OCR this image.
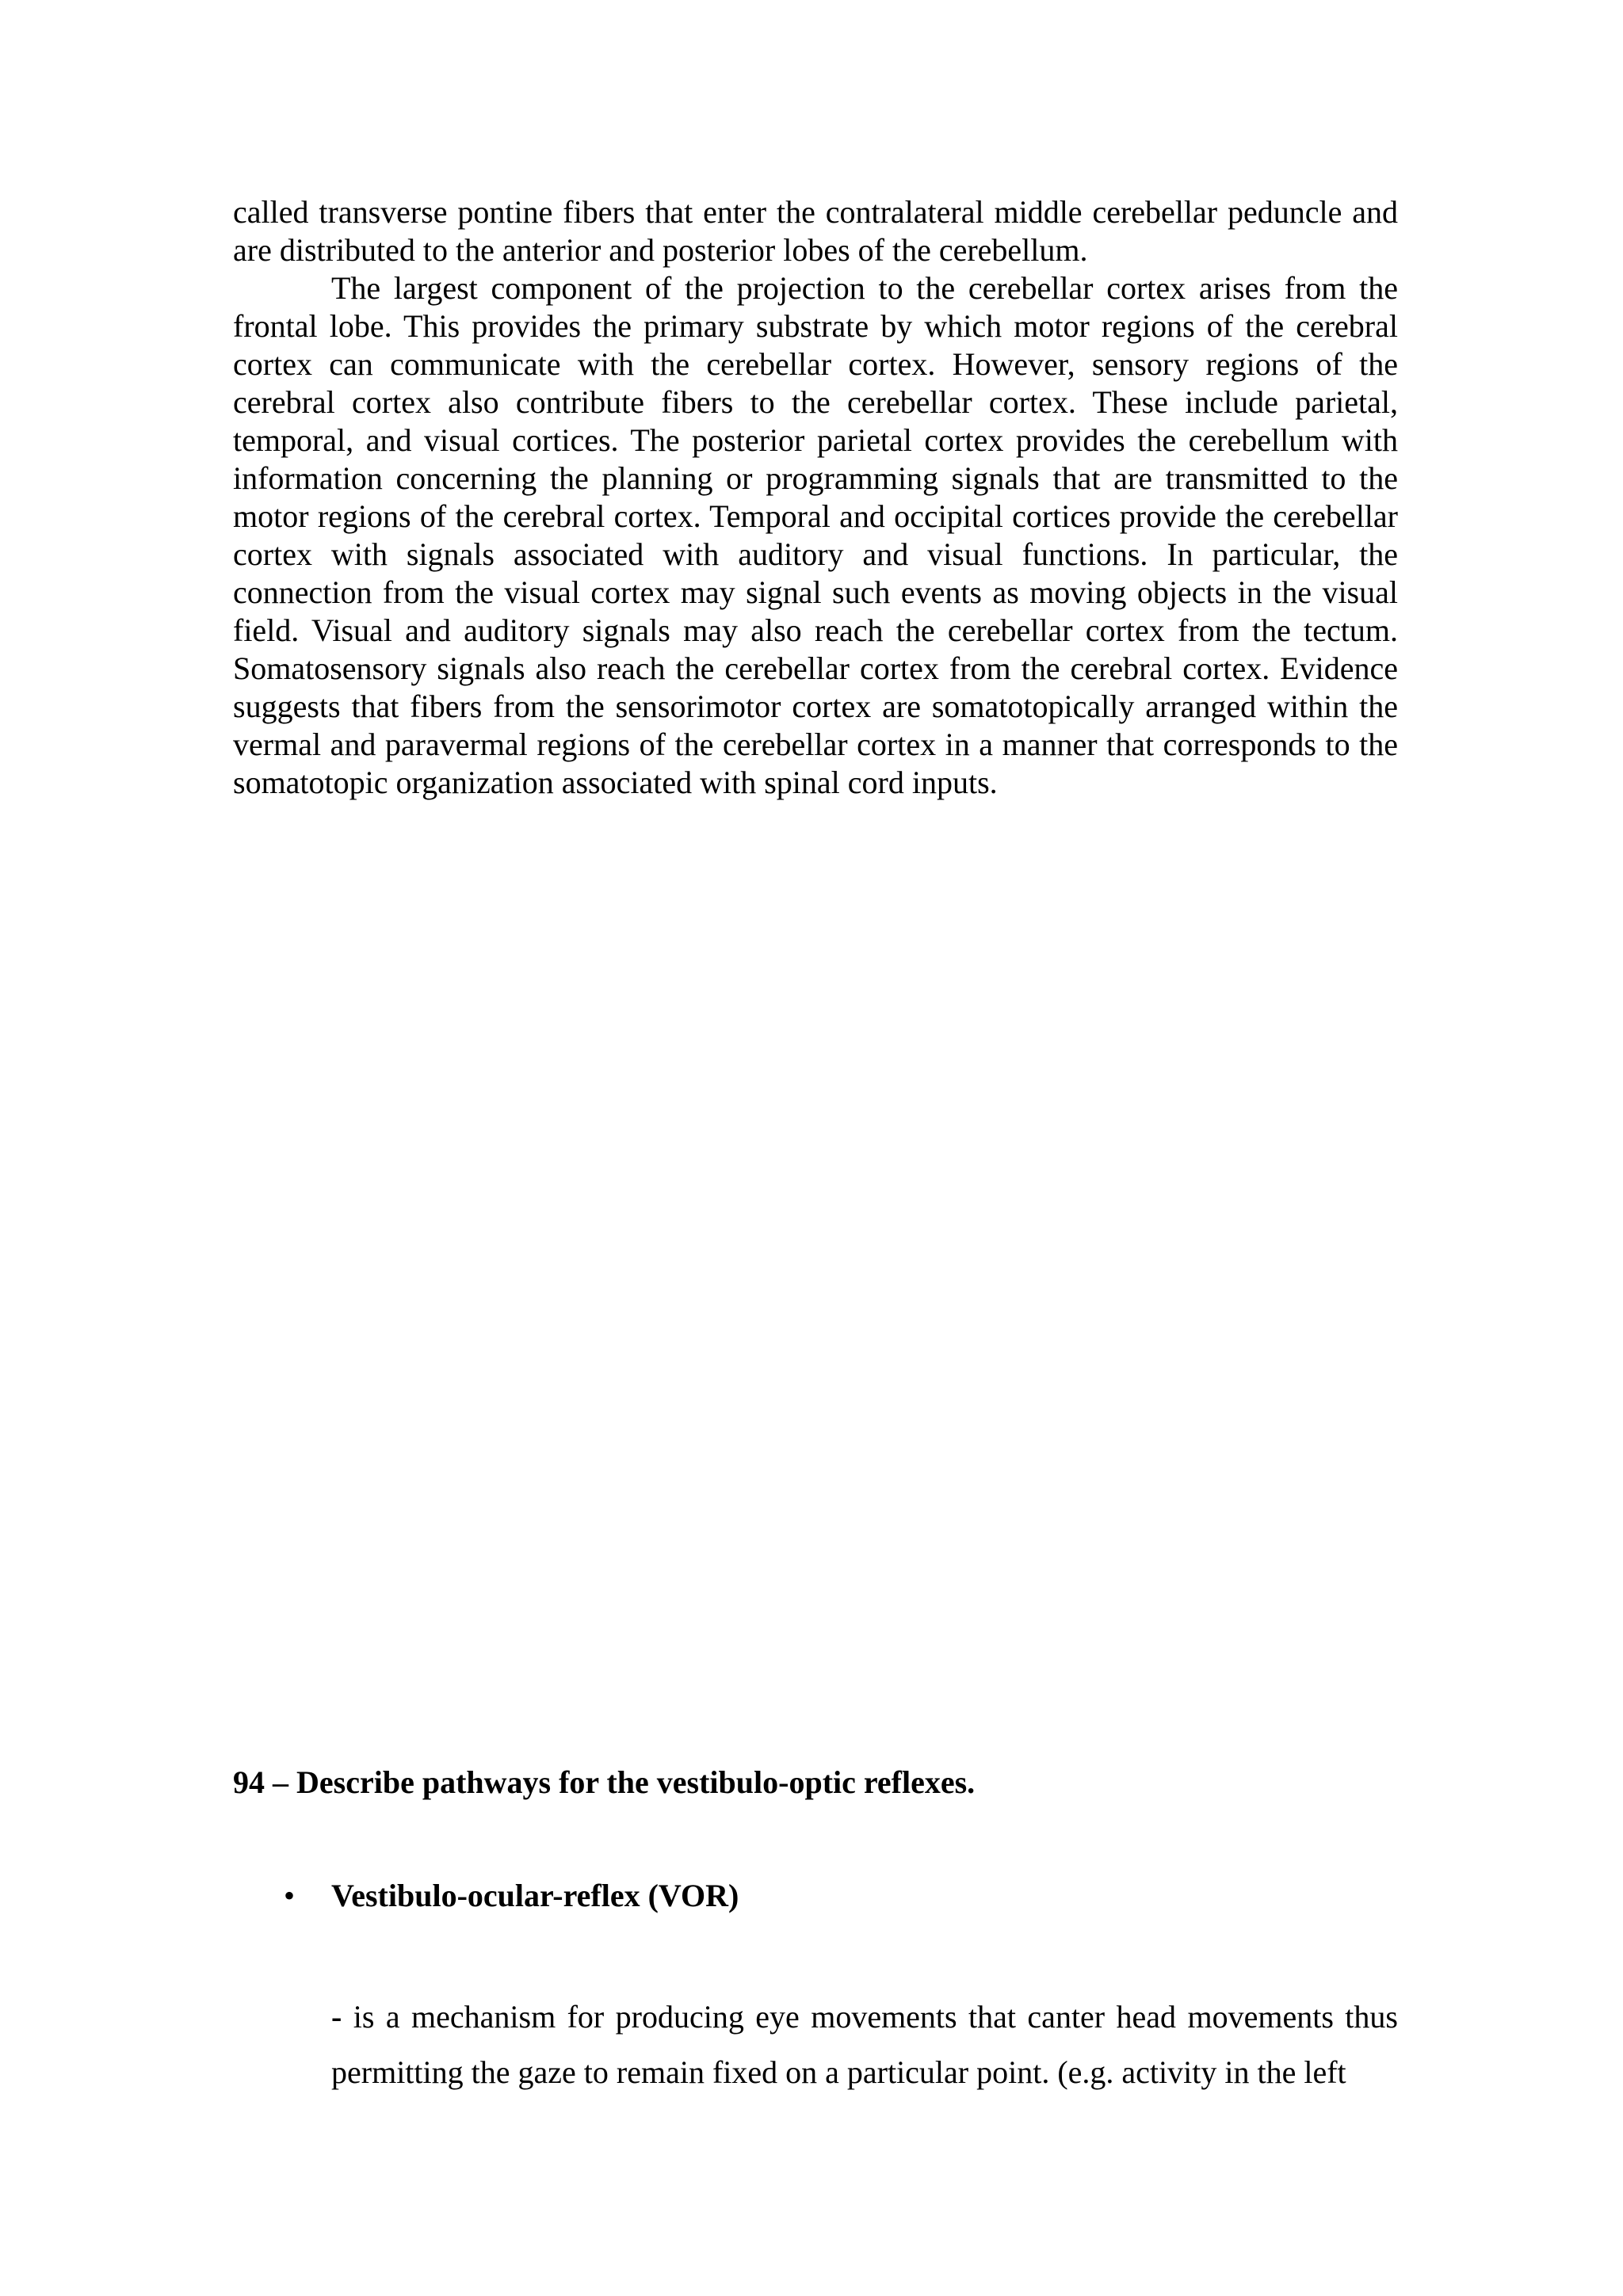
called transverse pontine fibers that enter the contralateral middle cerebellar peduncle and are distributed to the anterior and posterior lobes of the cerebellum.

The largest component of the projection to the cerebellar cortex arises from the frontal lobe. This provides the primary substrate by which motor regions of the cerebral cortex can communicate with the cerebellar cortex. However, sensory regions of the cerebral cortex also contribute fibers to the cerebellar cortex. These include parietal, temporal, and visual cortices. The posterior parietal cortex provides the cerebellum with information concerning the planning or programming signals that are transmitted to the motor regions of the cerebral cortex. Temporal and occipital cortices provide the cerebellar cortex with signals associated with auditory and visual functions. In particular, the connection from the visual cortex may signal such events as moving objects in the visual field. Visual and auditory signals may also reach the cerebellar cortex from the tectum. Somatosensory signals also reach the cerebellar cortex from the cerebral cortex. Evidence suggests that fibers from the sensorimotor cortex are somatotopically arranged within the vermal and paravermal regions of the cerebellar cortex in a manner that corresponds to the somatotopic organization associated with spinal cord inputs.

94 – Describe pathways for the vestibulo-optic reflexes.
• Vestibulo-ocular-reflex (VOR)
- is a mechanism for producing eye movements that canter head movements thus permitting the gaze to remain fixed on a particular point. (e.g. activity in the left
